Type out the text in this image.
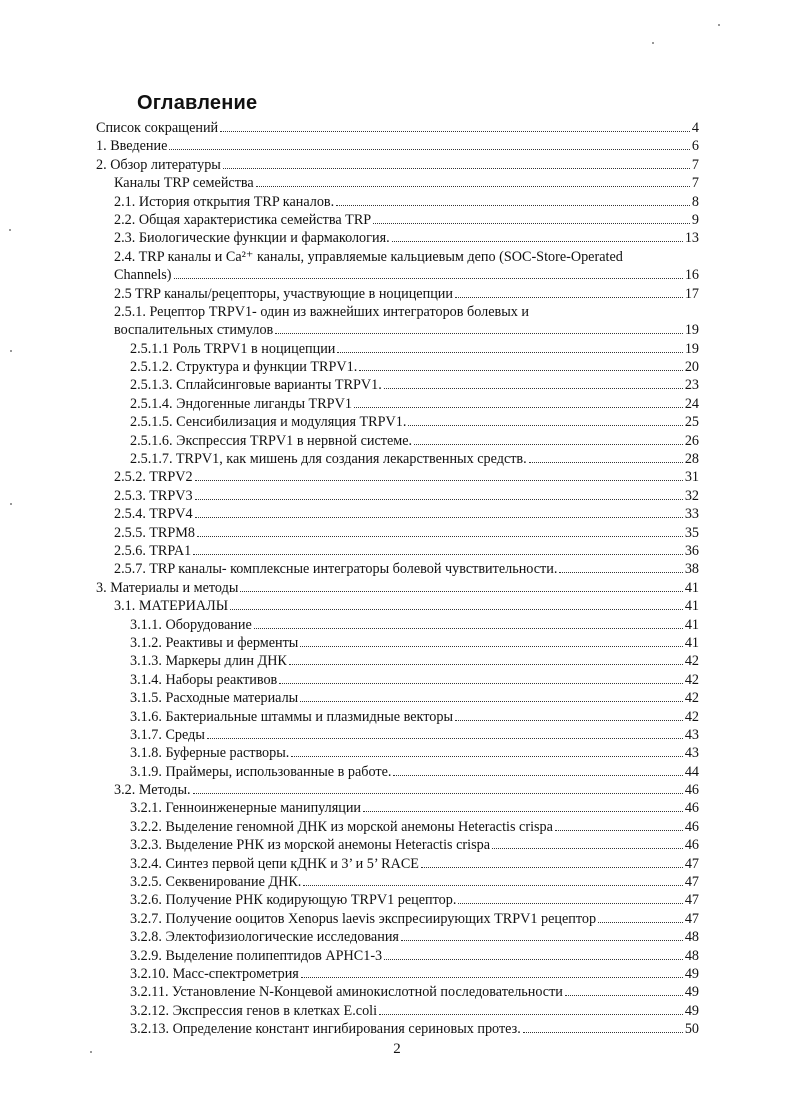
Оглавление
Список сокращений	4
1. Введение	6
2. Обзор литературы	7
Каналы TRP семейства	7
2.1. История открытия TRP каналов.	8
2.2. Общая характеристика семейства TRP	9
2.3. Биологические функции и фармакология.	13
2.4. TRP каналы и Ca²⁺ каналы, управляемые кальциевым депо (SOC-Store-Operated
Channels)	16
2.5 TRP каналы/рецепторы, участвующие в ноцицепции	17
2.5.1. Рецептор TRPV1- один из важнейших интеграторов болевых и
воспалительных стимулов	19
2.5.1.1 Роль TRPV1 в ноцицепции	19
2.5.1.2. Структура и функции TRPV1.	20
2.5.1.3. Сплайсинговые варианты TRPV1.	23
2.5.1.4. Эндогенные лиганды TRPV1	24
2.5.1.5. Сенсибилизация и модуляция TRPV1.	25
2.5.1.6. Экспрессия TRPV1 в нервной системе.	26
2.5.1.7. TRPV1, как мишень для создания лекарственных средств.	28
2.5.2. TRPV2	31
2.5.3. TRPV3	32
2.5.4. TRPV4	33
2.5.5. TRPM8	35
2.5.6. TRPA1	36
2.5.7. TRP каналы- комплексные интеграторы болевой чувствительности.	38
3. Материалы и методы	41
3.1. МАТЕРИАЛЫ	41
3.1.1. Оборудование	41
3.1.2. Реактивы и ферменты	41
3.1.3. Маркеры длин ДНК	42
3.1.4. Наборы реактивов	42
3.1.5. Расходные материалы	42
3.1.6. Бактериальные штаммы и плазмидные векторы	42
3.1.7. Среды	43
3.1.8. Буферные растворы.	43
3.1.9. Праймеры, использованные в работе.	44
3.2. Методы.	46
3.2.1. Генноинженерные манипуляции	46
3.2.2. Выделение геномной ДНК из морской анемоны Heteractis crispa	46
3.2.3. Выделение РНК из морской анемоны Heteractis crispa	46
3.2.4. Синтез первой цепи кДНК и 3’ и 5’ RACE	47
3.2.5. Секвенирование ДНК.	47
3.2.6. Получение РНК кодирующую TRPV1 рецептор.	47
3.2.7. Получение ооцитов Xenopus laevis экспресиирующих TRPV1 рецептор	47
3.2.8. Электофизиологические исследования	48
3.2.9. Выделение полипептидов APHC1-3	48
3.2.10. Масс-спектрометрия	49
3.2.11. Установление N-Концевой аминокислотной последовательности	49
3.2.12. Экспрессия генов в клетках E.coli	49
3.2.13. Определение констант ингибирования сериновых протез.	50
2
